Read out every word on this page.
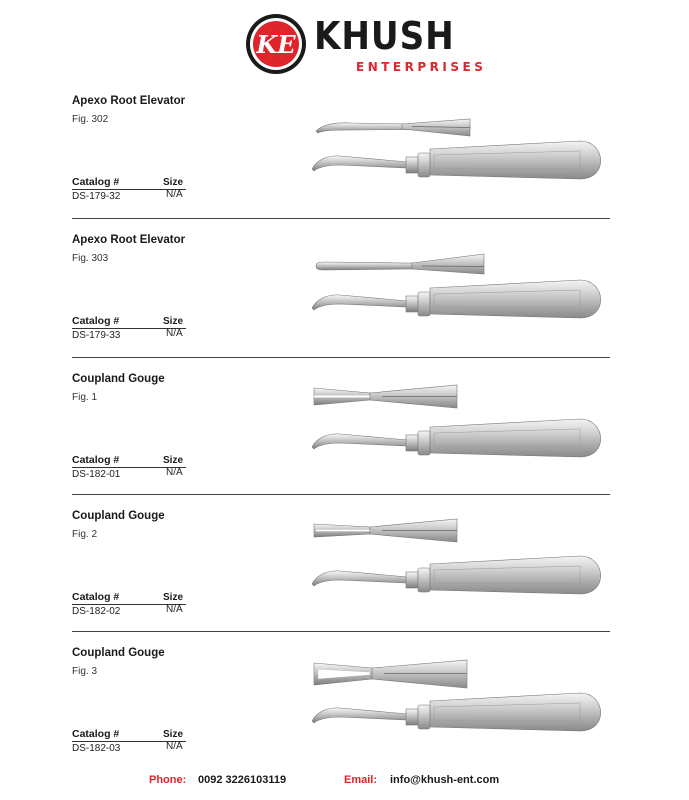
KE KHUSH
ENTERPRISES
Apexo Root Elevator
Fig. 302
Catalog #	Size
DS-179-32	N/A
Apexo Root Elevator
Fig. 303
Catalog #	Size
DS-179-33	N/A
Coupland Gouge
Fig. 1
Catalog #	Size
DS-182-01	N/A
Coupland Gouge
Fig. 2
Catalog #	Size
DS-182-02	N/A
Coupland Gouge
Fig. 3
Catalog #	Size
DS-182-03	N/A
Phone: 0092 3226103119	Email: info@khush-ent.com
